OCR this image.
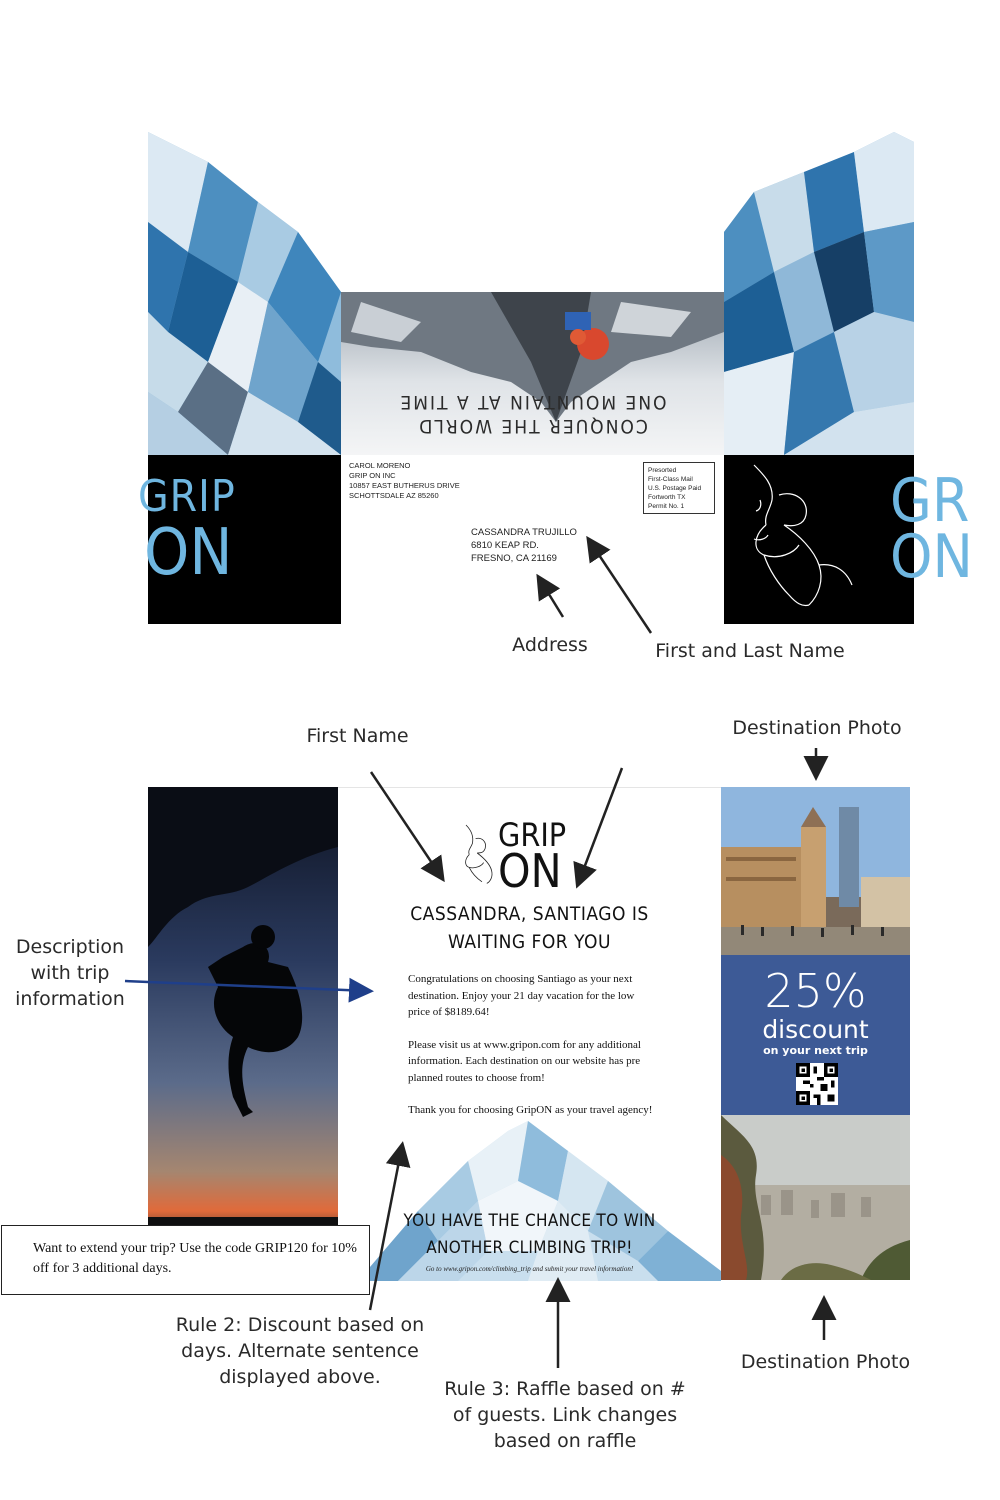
CONQUER THE WORLD
ONE MOUNTAIN AT A TIME
GRIP
ON
CAROL MORENO
GRIP ON INC
10857 EAST BUTHERUS DRIVE
SCHOTTSDALE AZ 85260
Presorted
First-Class Mail
U.S. Postage Paid
Fortworth TX
Permit No. 1
CASSANDRA TRUJILLO
6810 KEAP RD.
FRESNO, CA 21169
GR
ON
Address	First and Last Name
GRIP
ON
CASSANDRA, SANTIAGO IS
WAITING FOR YOU

Congratulations on choosing Santiago as your next destination. Enjoy your 21 day vacation for the low price of $8189.64!

Please visit us at www.gripon.com for any additional information. Each destination on our website has pre planned routes to choose from!

Thank you for choosing GripON as your travel agency!

YOU HAVE THE CHANCE TO WIN
ANOTHER CLIMBING TRIP!
Go to www.gripon.com/climbing_trip and submit your travel information!
25%
discount
on your next trip
Want to extend your trip? Use the code GRIP120 for 10% off for 3 additional days.
First Name	Destination Photo
Description
with trip
information
Rule 2: Discount based on
days. Alternate sentence
displayed above.
Rule 3: Raffle based on #
of guests. Link changes
based on raffle
Destination Photo
